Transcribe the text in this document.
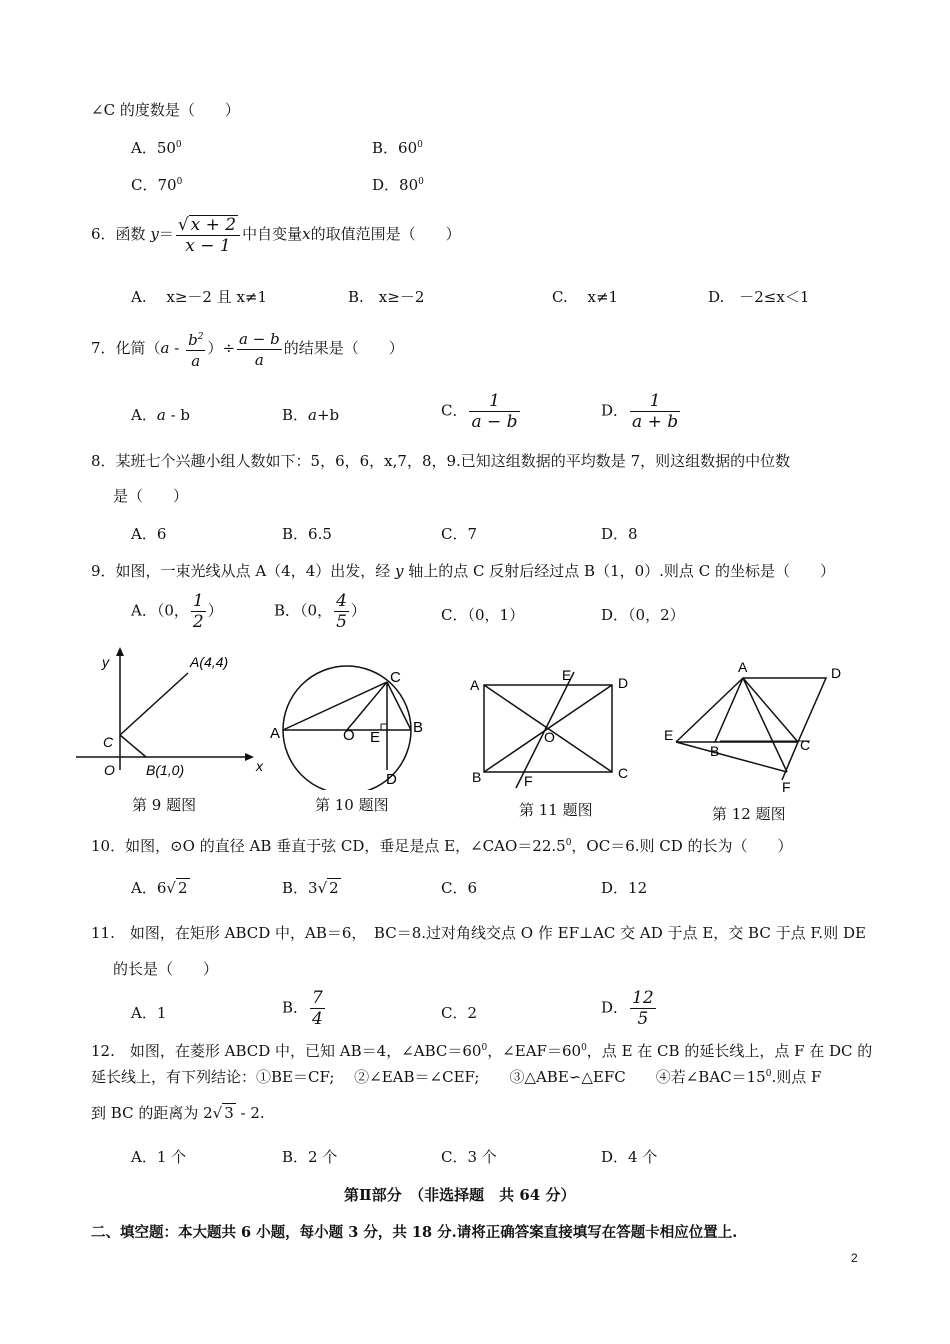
∠C 的度数是（　　）
A．$50^0$	B．$60^0$
C．$70^0$	D．$80^0$
6．函数 $y= \frac{√ x + 2}{x - 1}$ 中自变量x的取值范围是（　　）
A.　 x≥－2 且 x≠1	B.　x≥－2	C.　 x≠1	D.　－2≤x＜1
7．化简（$a - \frac{b^2}{a}$ ）÷ $\frac{a - b}{a}$ 的结果是（　　）
A．a - b	B．a+b	C． $\frac{1}{a - b}$	D． $\frac{1}{a + b}$
8．某班七个兴趣小组人数如下：5，6，6，x,7，8，9.已知这组数据的平均数是 7，则这组数据的中位数
是（　　）
A．6	B．6.5	C．7	D．8
9．如图，一束光线从点 A（4，4）出发，经 y 轴上的点 C 反射后经过点 B（1，0）.则点 C 的坐标是（　　）
A．（0， $\frac{1}{2}$ ）	B．（0， $\frac{4}{5}$ ）	C．（0，1）	D．（0，2）
y
x
A(4,4)
C
O B(1,0)
第 9 题图
A	B
C
D
O E
第 10 题图
A	D
B	C
E
F
O
第 11 题图
A	D
E
B	C
F
第 12 题图
10．如图，⊙O 的直径 AB 垂直于弦 CD，垂足是点 E，$\angle CAO=22.5^0$，OC＝6.则 CD 的长为（　　）
A．6√ 2	B．3√ 2	C．6	D．12
11.　如图，在矩形 ABCD 中，AB＝6，　BC＝8.过对角线交点 O 作 EF⊥AC 交 AD 于点 E，交 BC 于点 F.则 DE
的长是（　　）
A．1	B． $\frac{7}{4}$	C．2	D． $\frac{12}{5}$
12.　如图，在菱形 ABCD 中，已知 AB＝4，$\angle ABC=60^0$，$\angle EAF=60^0$，点 E 在 CB 的延长线上，点 F 在 DC 的
延长线上，有下列结论：①BE＝CF;　 ②∠EAB＝∠CEF;　　③△ABE∽△EFC　　④若$\angle BAC=15^0$.则点 F
到 BC 的距离为 2√ 3 - 2.
A．1 个	B．2 个	C．3 个	D．4 个
第Ⅱ部分　（非选择题　共 64 分）
二、填空题：本大题共 6 小题，每小题 3 分，共 18 分.请将正确答案直接填写在答题卡相应位置上.
2
